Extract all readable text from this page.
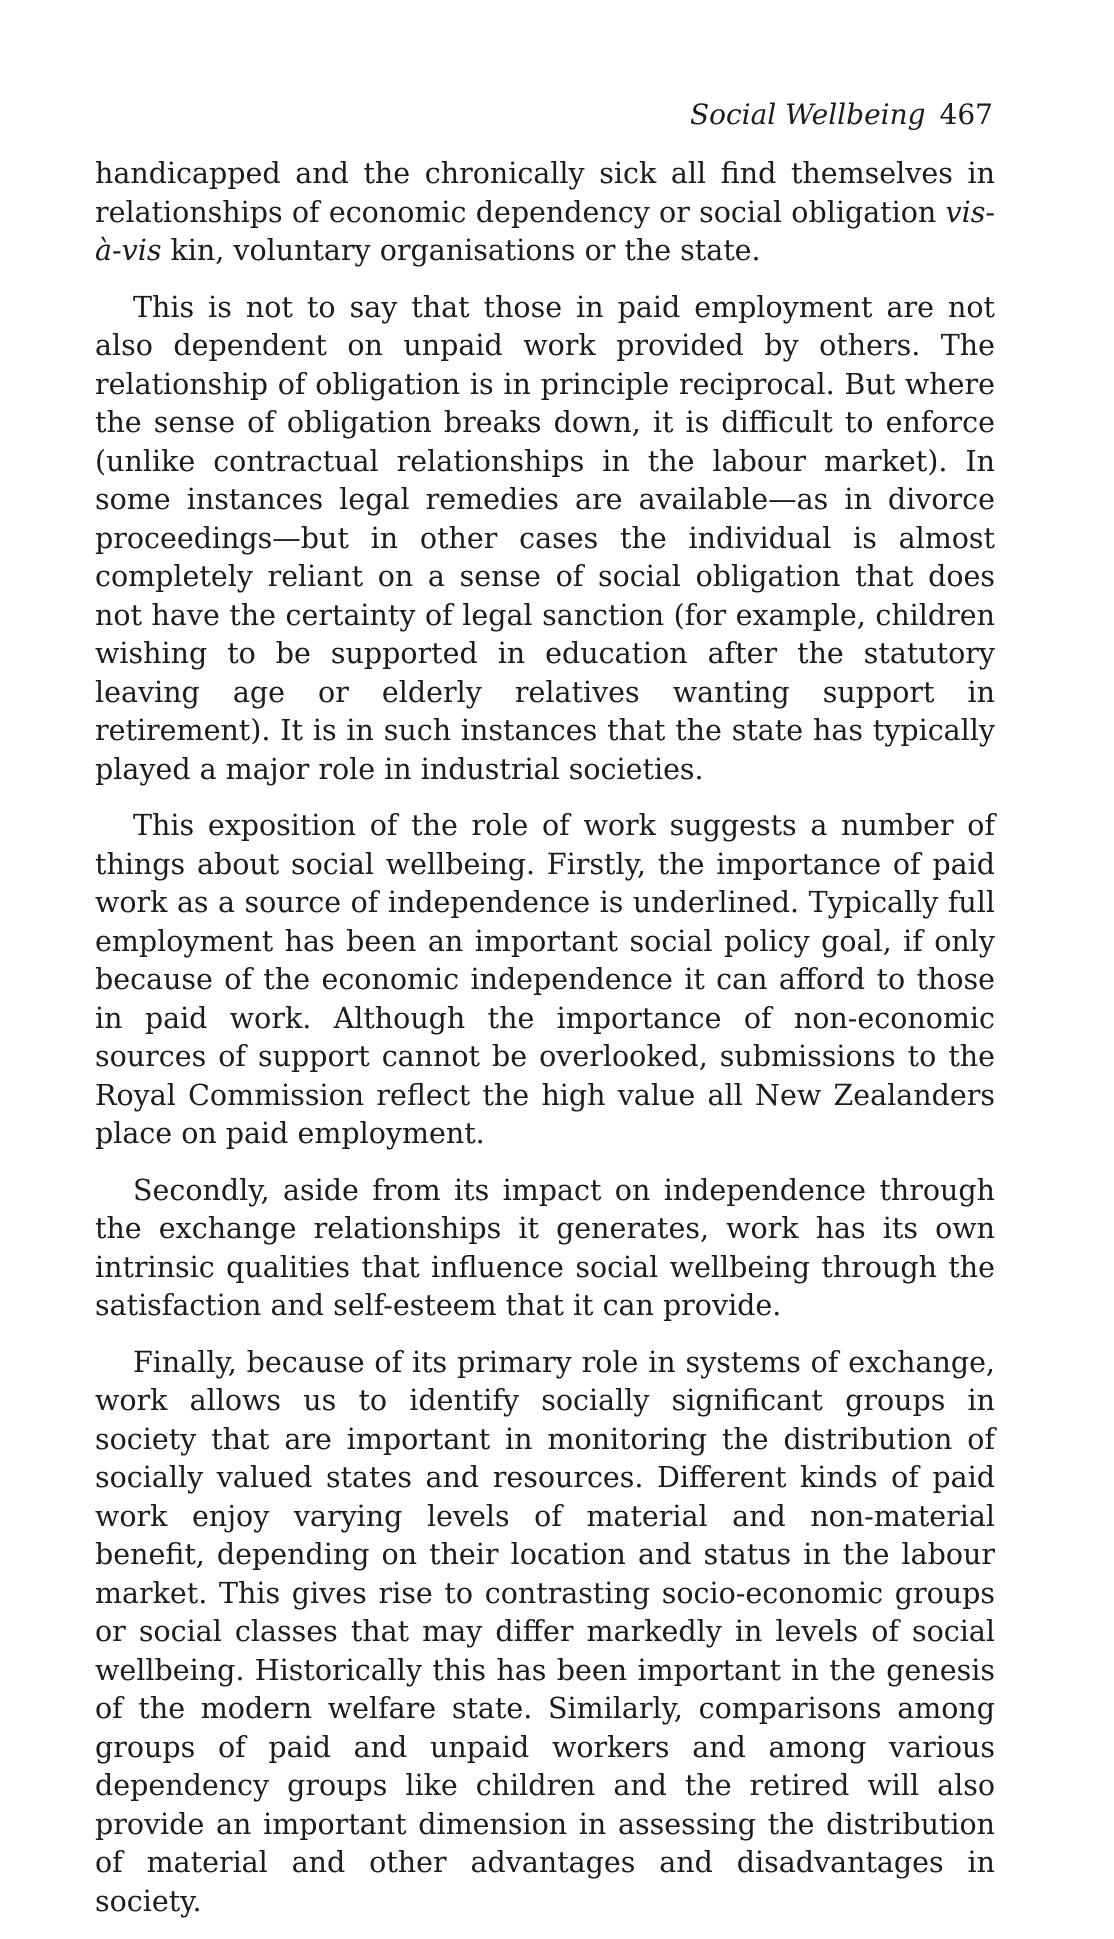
Social Wellbeing 467

handicapped and the chronically sick all find themselves in relationships of economic dependency or social obligation vis-à-vis kin, voluntary organisations or the state.

This is not to say that those in paid employment are not also dependent on unpaid work provided by others. The relationship of obligation is in principle reciprocal. But where the sense of obligation breaks down, it is difficult to enforce (unlike contractual relationships in the labour market). In some instances legal remedies are available—as in divorce proceedings—but in other cases the individual is almost completely reliant on a sense of social obligation that does not have the certainty of legal sanction (for example, children wishing to be supported in education after the statutory leaving age or elderly relatives wanting support in retirement). It is in such instances that the state has typically played a major role in industrial societies.

This exposition of the role of work suggests a number of things about social wellbeing. Firstly, the importance of paid work as a source of independence is underlined. Typically full employment has been an important social policy goal, if only because of the economic independence it can afford to those in paid work. Although the importance of non-economic sources of support cannot be overlooked, submissions to the Royal Commission reflect the high value all New Zealanders place on paid employment.

Secondly, aside from its impact on independence through the exchange relationships it generates, work has its own intrinsic qualities that influence social wellbeing through the satisfaction and self-esteem that it can provide.

Finally, because of its primary role in systems of exchange, work allows us to identify socially significant groups in society that are important in monitoring the distribution of socially valued states and resources. Different kinds of paid work enjoy varying levels of material and non-material benefit, depending on their location and status in the labour market. This gives rise to contrasting socio-economic groups or social classes that may differ markedly in levels of social wellbeing. Historically this has been important in the genesis of the modern welfare state. Similarly, comparisons among groups of paid and unpaid workers and among various dependency groups like children and the retired will also provide an important dimension in assessing the distribution of material and other advantages and disadvantages in society.
